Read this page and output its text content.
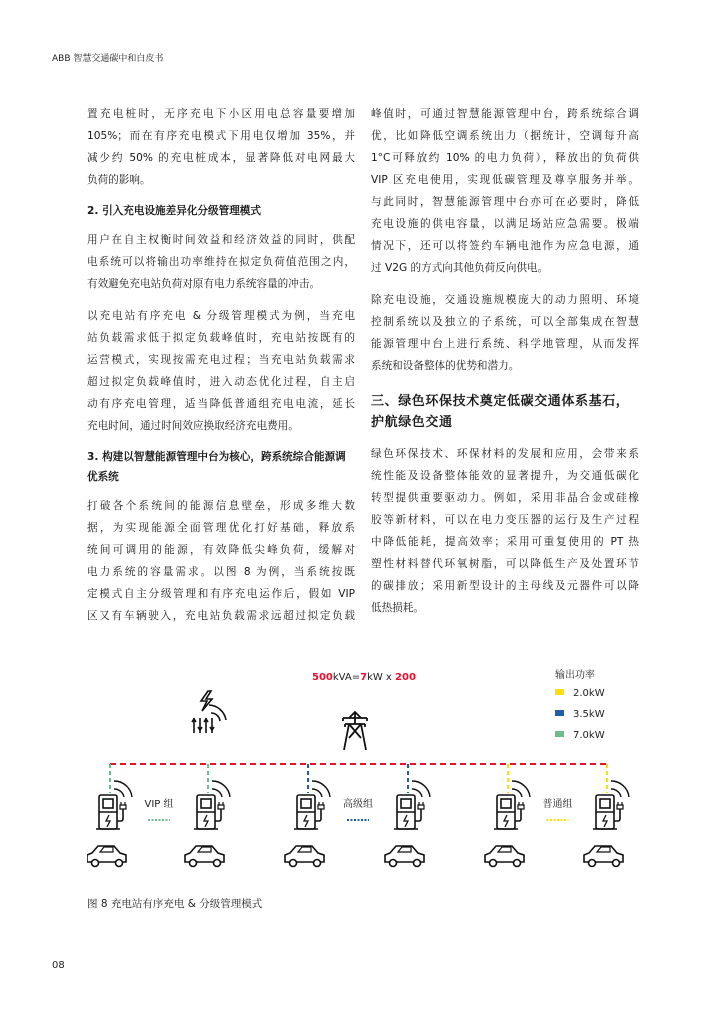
ABB 智慧交通碳中和白皮书
置充电桩时，无序充电下小区用电总容量要增加
105%；而在有序充电模式下用电仅增加 35%，并
减少约 50% 的充电桩成本，显著降低对电网最大
负荷的影响。
2. 引入充电设施差异化分级管理模式
用户在自主权衡时间效益和经济效益的同时，供配
电系统可以将输出功率维持在拟定负荷值范围之内，
有效避免充电站负荷对原有电力系统容量的冲击。
以充电站有序充电 & 分级管理模式为例，当充电
站负载需求低于拟定负载峰值时，充电站按既有的
运营模式，实现按需充电过程；当充电站负载需求
超过拟定负载峰值时，进入动态优化过程，自主启
动有序充电管理，适当降低普通组充电电流，延长
充电时间，通过时间效应换取经济充电费用。
3. 构建以智慧能源管理中台为核心，跨系统综合能源调优系统
打破各个系统间的能源信息壁垒，形成多维大数
据，为实现能源全面管理优化打好基础，释放系
统间可调用的能源，有效降低尖峰负荷，缓解对
电力系统的容量需求。以图 8 为例，当系统按既
定模式自主分级管理和有序充电运作后，假如 VIP
区又有车辆驶入，充电站负载需求远超过拟定负载
峰值时，可通过智慧能源管理中台，跨系统综合调
优，比如降低空调系统出力（据统计，空调每升高
1°C可释放约 10% 的电力负荷），释放出的负荷供
VIP 区充电使用，实现低碳管理及尊享服务并举。
与此同时，智慧能源管理中台亦可在必要时，降低
充电设施的供电容量，以满足场站应急需要。极端
情况下，还可以将签约车辆电池作为应急电源，通
过 V2G 的方式向其他负荷反向供电。
除充电设施，交通设施规模庞大的动力照明、环境
控制系统以及独立的子系统，可以全部集成在智慧
能源管理中台上进行系统、科学地管理，从而发挥
系统和设备整体的优势和潜力。
三、绿色环保技术奠定低碳交通体系基石，护航绿色交通
绿色环保技术、环保材料的发展和应用，会带来系
统性能及设备整体能效的显著提升，为交通低碳化
转型提供重要驱动力。例如，采用非晶合金或硅橡
胶等新材料，可以在电力变压器的运行及生产过程
中降低能耗，提高效率；采用可重复使用的 PT 热
塑性材料替代环氧树脂，可以降低生产及处置环节
的碳排放；采用新型设计的主母线及元器件可以降
低热损耗。
500kVA=7kW x 200	输出功率
2.0kW
3.5kW
7.0kW
VIP 组	高级组	普通组
图 8 充电站有序充电 & 分级管理模式
08
